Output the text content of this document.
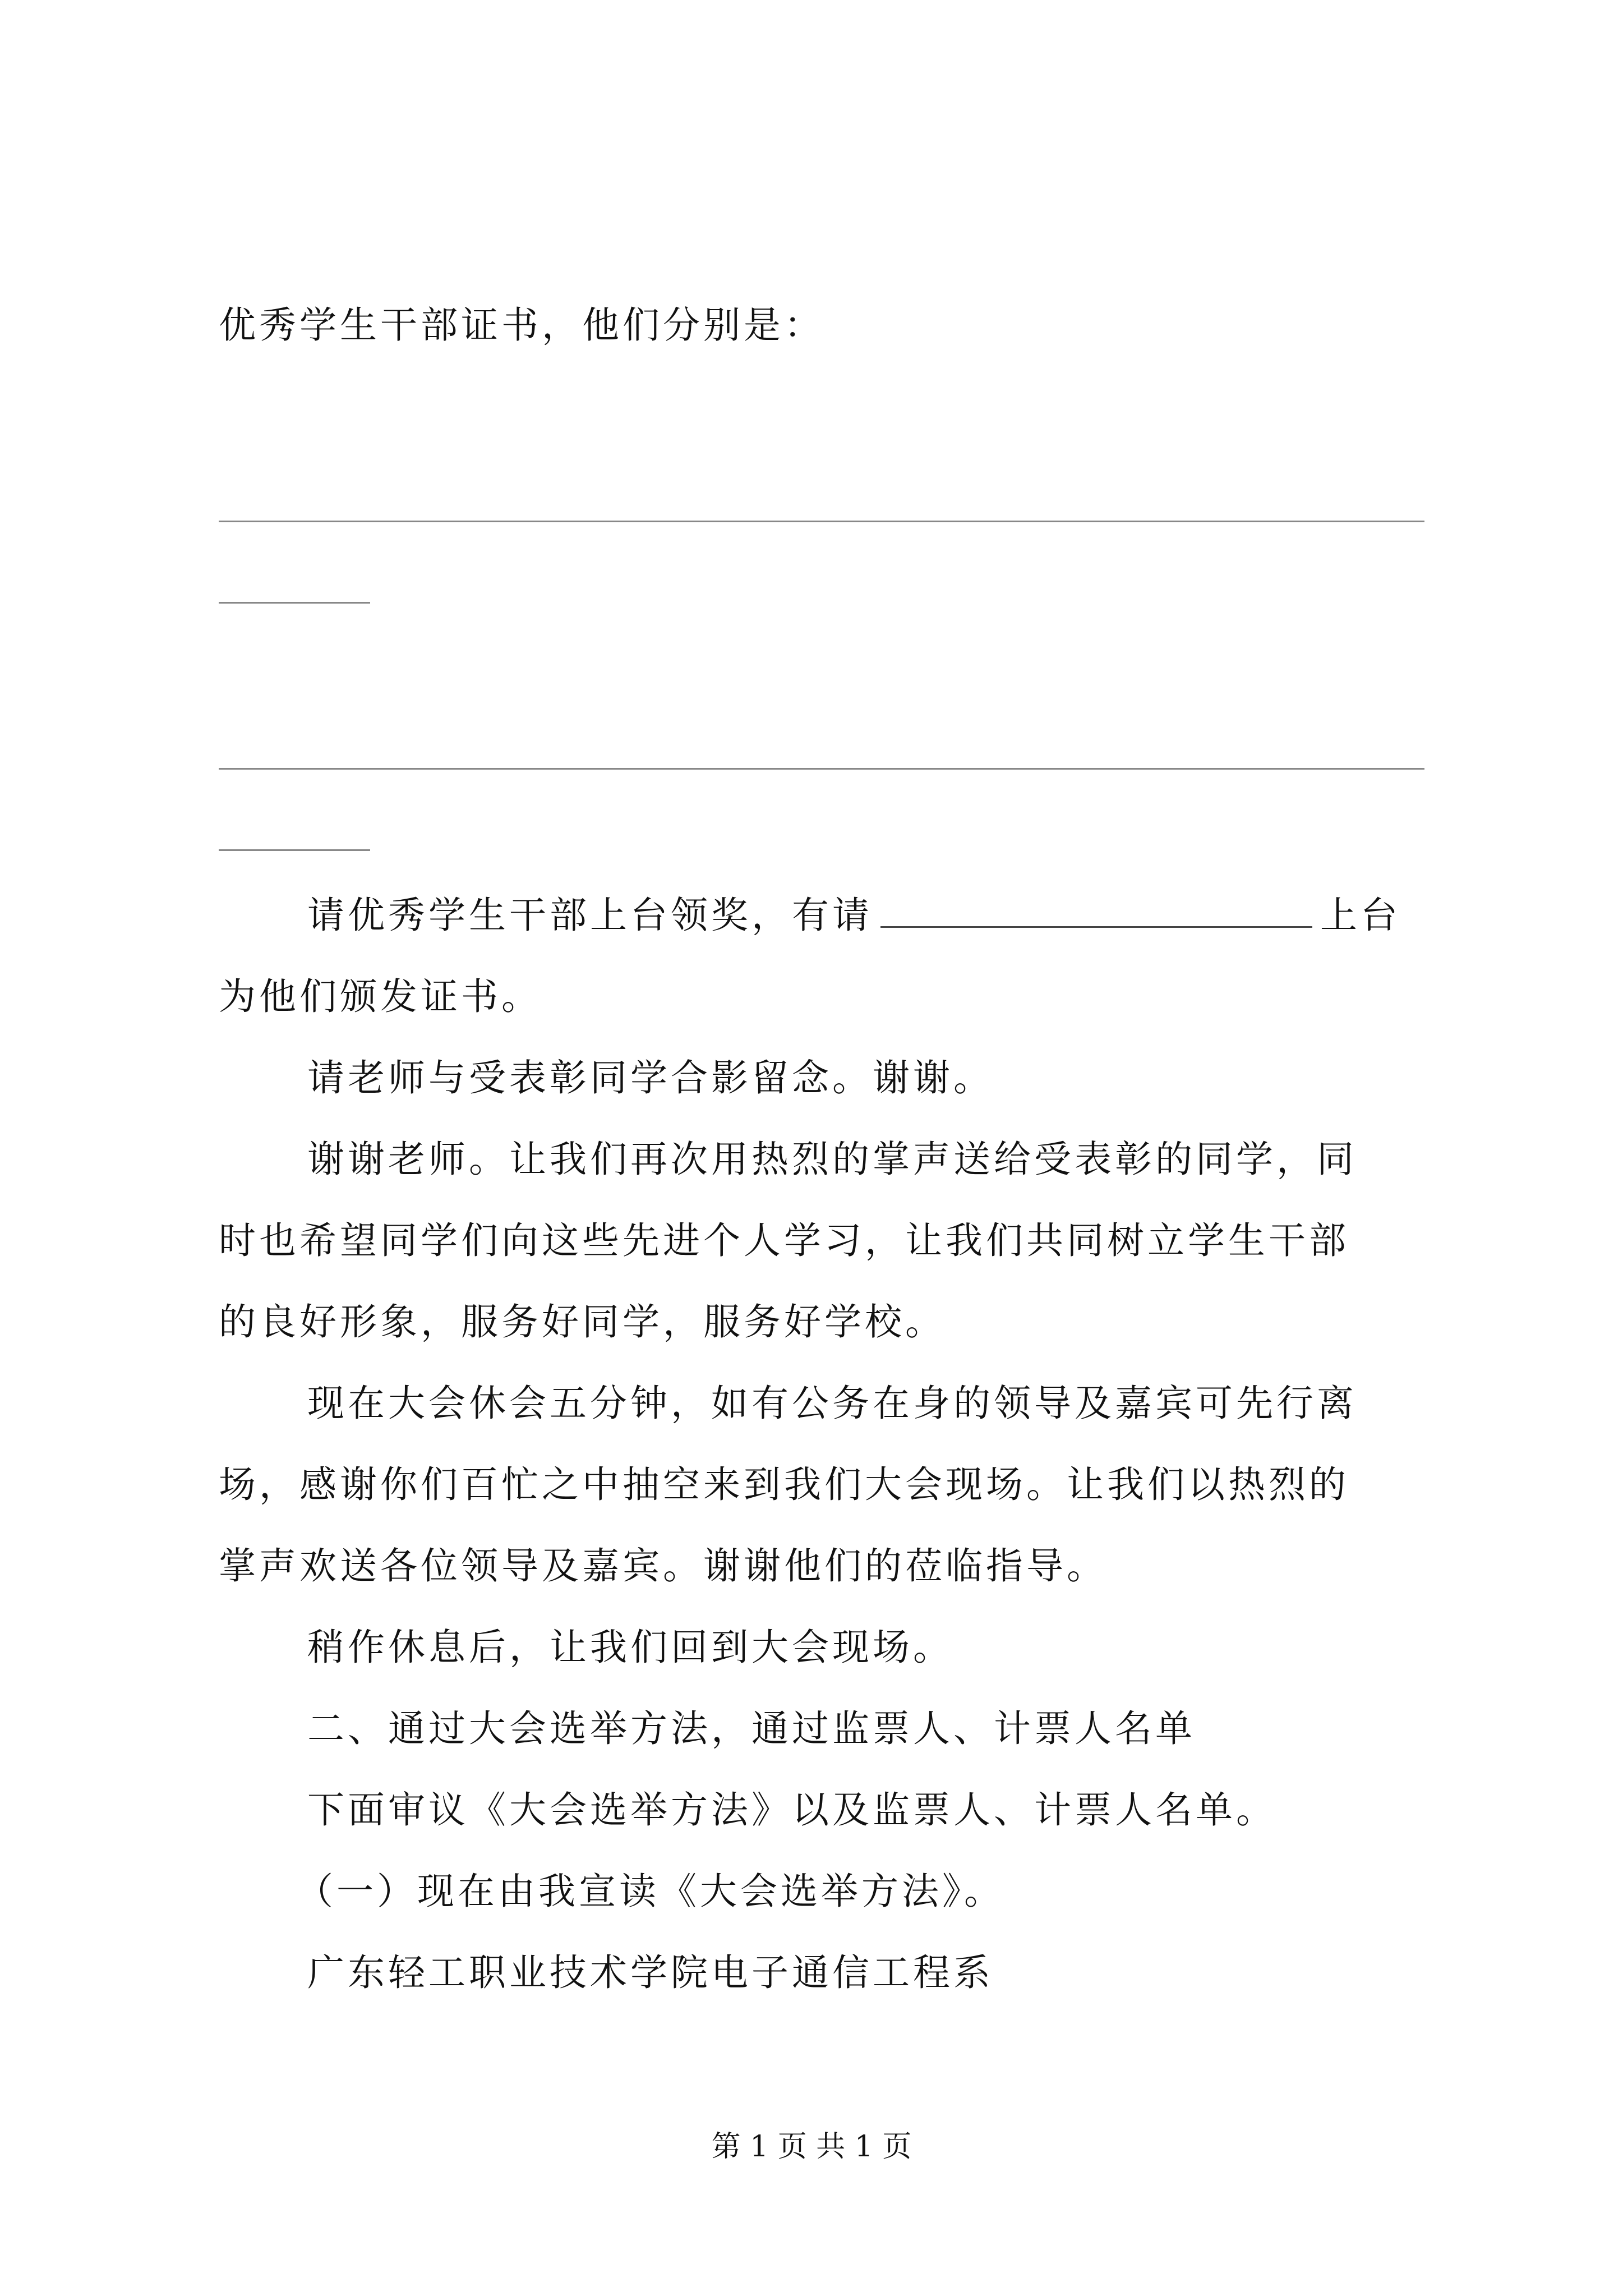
优秀学生干部证书，他们分别是：
请优秀学生干部上台领奖，有请	上台
为他们颁发证书。
请老师与受表彰同学合影留念。谢谢。
谢谢老师。让我们再次用热烈的掌声送给受表彰的同学，同
时也希望同学们向这些先进个人学习，让我们共同树立学生干部
的良好形象，服务好同学，服务好学校。
现在大会休会五分钟，如有公务在身的领导及嘉宾可先行离
场，感谢你们百忙之中抽空来到我们大会现场。让我们以热烈的
掌声欢送各位领导及嘉宾。谢谢他们的莅临指导。
稍作休息后，让我们回到大会现场。
二、通过大会选举方法，通过监票人、计票人名单
下面审议《大会选举方法》以及监票人、计票人名单。
（一）现在由我宣读《大会选举方法》。
广东轻工职业技术学院电子通信工程系
第 1 页 共 1 页
